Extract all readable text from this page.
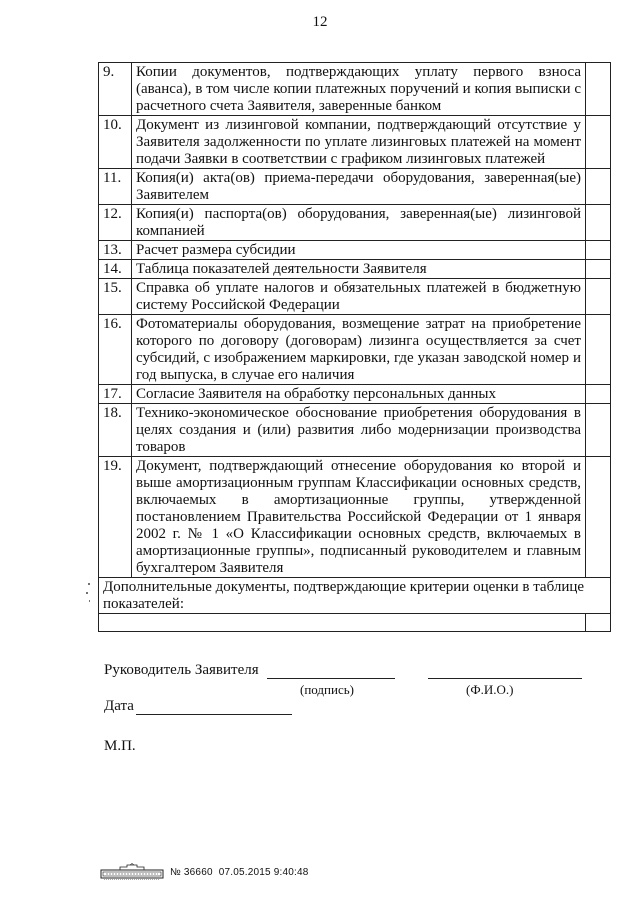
12
9.	Копии документов, подтверждающих уплату первого взноса (аванса), в том числе копии платежных поручений и копия выписки с расчетного счета Заявителя, заверенные банком	
10.	Документ из лизинговой компании, подтверждающий отсутствие у Заявителя задолженности по уплате лизинговых платежей на момент подачи Заявки в соответствии с графиком лизинговых платежей	
11.	Копия(и) акта(ов) приема-передачи оборудования, заверенная(ые) Заявителем	
12.	Копия(и) паспорта(ов) оборудования, заверенная(ые) лизинговой компанией	
13.	Расчет размера субсидии	
14.	Таблица показателей деятельности Заявителя	
15.	Справка об уплате налогов и обязательных платежей в бюджетную систему Российской Федерации	
16.	Фотоматериалы оборудования, возмещение затрат на приобретение которого по договору (договорам) лизинга осуществляется за счет субсидий, с изображением маркировки, где указан заводской номер и год выпуска, в случае его наличия	
17.	Согласие Заявителя на обработку персональных данных	
18.	Технико-экономическое обоснование приобретения оборудования в целях создания и (или) развития либо модернизации производства товаров	
19.	Документ, подтверждающий отнесение оборудования ко второй и выше амортизационным группам Классификации основных средств, включаемых в амортизационные группы, утвержденной постановлением Правительства Российской Федерации от 1 января 2002 г. № 1 «О Классификации основных средств, включаемых в амортизационные группы», подписанный руководителем и главным бухгалтером Заявителя	
Дополнительные документы, подтверждающие критерии оценки в таблице показателей:		

Руководитель Заявителя
(подпись)	(Ф.И.О.)
Дата
М.П.
№ 36660 07.05.2015 9:40:48
